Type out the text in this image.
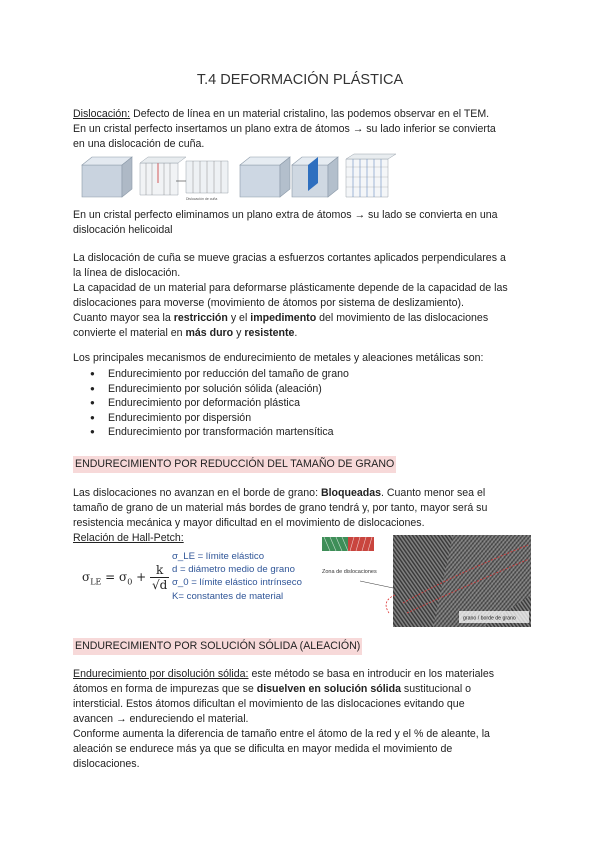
T.4 DEFORMACIÓN PLÁSTICA
Dislocación: Defecto de línea en un material cristalino, las podemos observar en el TEM.
En un cristal perfecto insertamos un plano extra de átomos → su lado inferior se convierta
en una dislocación de cuña.
Dislocación de cuña
En un cristal perfecto eliminamos un plano extra de átomos → su lado se convierta en una
dislocación helicoidal
La dislocación de cuña se mueve gracias a esfuerzos cortantes aplicados perpendiculares a
la línea de dislocación.
La capacidad de un material para deformarse plásticamente depende de la capacidad de las
dislocaciones para moverse (movimiento de átomos por sistema de deslizamiento).
Cuanto mayor sea la restricción y el impedimento del movimiento de las dislocaciones
convierte el material en más duro y resistente.
Los principales mecanismos de endurecimiento de metales y aleaciones metálicas son:
● Endurecimiento por reducción del tamaño de grano
● Endurecimiento por solución sólida (aleación)
● Endurecimiento por deformación plástica
● Endurecimiento por dispersión
● Endurecimiento por transformación martensítica
ENDURECIMIENTO POR REDUCCIÓN DEL TAMAÑO DE GRANO
Las dislocaciones no avanzan en el borde de grano: Bloqueadas. Cuanto menor sea el
tamaño de grano de un material más bordes de grano tendrá y, por tanto, mayor será su
resistencia mecánica y mayor dificultad en el movimiento de dislocaciones.
Relación de Hall-Petch:
$\sigma_{LE} = \sigma_0 + \frac{k}{√d}$
σ_LE = límite elástico
d = diámetro medio de grano
σ_0 = límite elástico intrínseco
K= constantes de material
Zona de dislocaciones
grano / borde de grano
ENDURECIMIENTO POR SOLUCIÓN SÓLIDA (ALEACIÓN)
Endurecimiento por disolución sólida: este método se basa en introducir en los materiales
átomos en forma de impurezas que se disuelven en solución sólida sustitucional o
intersticial. Estos átomos dificultan el movimiento de las dislocaciones evitando que
avancen → endureciendo el material.
Conforme aumenta la diferencia de tamaño entre el átomo de la red y el % de aleante, la
aleación se endurece más ya que se dificulta en mayor medida el movimiento de
dislocaciones.
